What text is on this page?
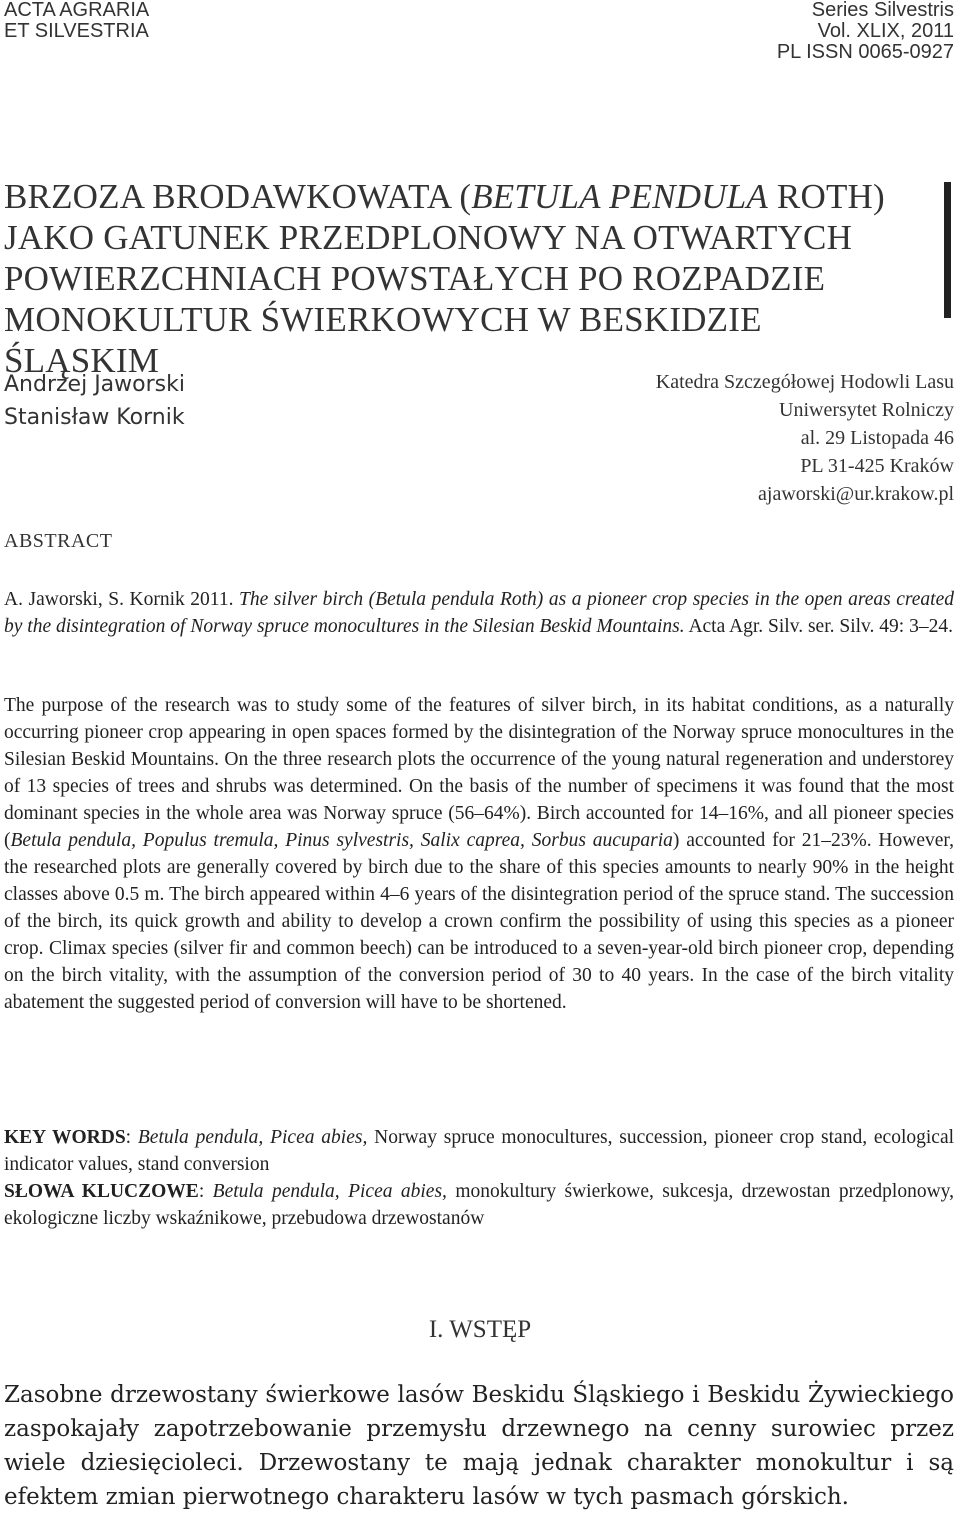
ACTA AGRARIA
ET SILVESTRIA
Series Silvestris
Vol. XLIX, 2011
PL ISSN 0065-0927
BRZOZA BRODAWKOWATA (BETULA PENDULA ROTH)
JAKO GATUNEK PRZEDPLONOWY NA OTWARTYCH
POWIERZCHNIACH POWSTAŁYCH PO ROZPADZIE
MONOKULTUR ŚWIERKOWYCH W BESKIDZIE ŚLĄSKIM
Andrzej Jaworski
Stanisław Kornik
Katedra Szczegółowej Hodowli Lasu
Uniwersytet Rolniczy
al. 29 Listopada 46
PL 31-425 Kraków
ajaworski@ur.krakow.pl
ABSTRACT

A. Jaworski, S. Kornik 2011. The silver birch (Betula pendula Roth) as a pioneer crop species in the open areas created by the disintegration of Norway spruce monocultures in the Silesian Beskid Mountains. Acta Agr. Silv. ser. Silv. 49: 3–24.

The purpose of the research was to study some of the features of silver birch, in its habitat conditions, as a naturally occurring pioneer crop appearing in open spaces formed by the disintegration of the Norway spruce monocultures in the Silesian Beskid Mountains. On the three research plots the occurrence of the young natural regeneration and understorey of 13 species of trees and shrubs was determined. On the basis of the number of specimens it was found that the most dominant species in the whole area was Norway spruce (56–64%). Birch accounted for 14–16%, and all pioneer species (Betula pendula, Populus tremula, Pinus sylvestris, Salix caprea, Sorbus aucuparia) accounted for 21–23%. However, the researched plots are generally covered by birch due to the share of this species amounts to nearly 90% in the height classes above 0.5 m. The birch appeared within 4–6 years of the disintegration period of the spruce stand. The succession of the birch, its quick growth and ability to develop a crown confirm the possibility of using this species as a pioneer crop. Climax species (silver fir and common beech) can be introduced to a seven-year-old birch pioneer crop, depending on the birch vitality, with the assumption of the conversion period of 30 to 40 years. In the case of the birch vitality abatement the suggested period of conversion will have to be shortened.

KEY WORDS: Betula pendula, Picea abies, Norway spruce monocultures, succession, pioneer crop stand, ecological indicator values, stand conversion

SŁOWA KLUCZOWE: Betula pendula, Picea abies, monokultury świerkowe, sukcesja, drzewostan przedplonowy, ekologiczne liczby wskaźnikowe, przebudowa drzewostanów

I. WSTĘP

Zasobne drzewostany świerkowe lasów Beskidu Śląskiego i Beskidu Żywieckiego zaspokajały zapotrzebowanie przemysłu drzewnego na cenny surowiec przez wiele dziesięcioleci. Drzewostany te mają jednak charakter monokultur i są efektem zmian pierwotnego charakteru lasów w tych pasmach górskich.
